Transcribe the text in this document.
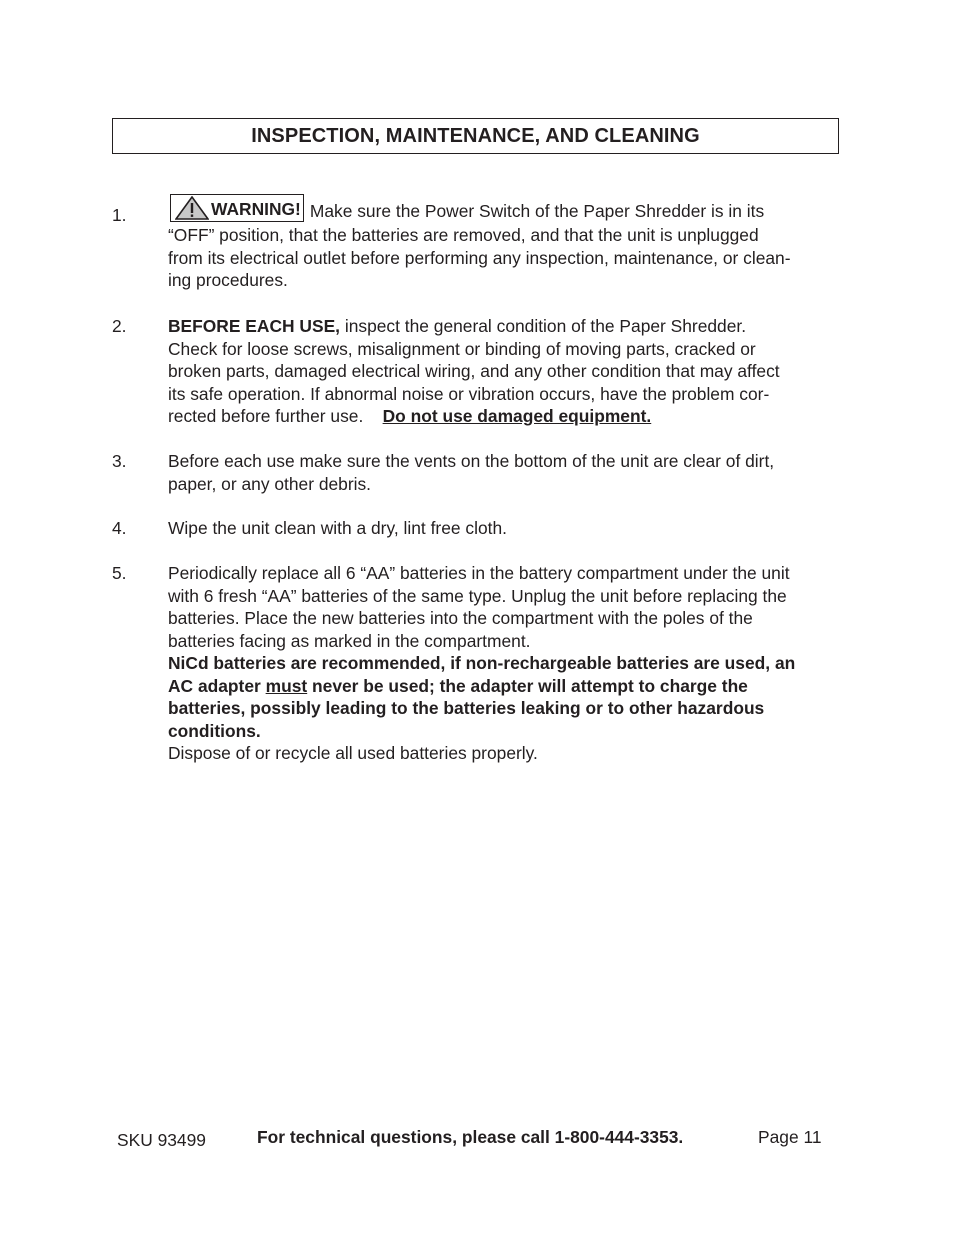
INSPECTION, MAINTENANCE, AND CLEANING
1.	WARNING! Make sure the Power Switch of the Paper Shredder is in its
“OFF” position, that the batteries are removed, and that the unit is unplugged
from its electrical outlet before performing any inspection, maintenance, or clean-
ing procedures.
2. BEFORE EACH USE, inspect the general condition of the Paper Shredder.
Check for loose screws, misalignment or binding of moving parts, cracked or
broken parts, damaged electrical wiring, and any other condition that may affect
its safe operation. If abnormal noise or vibration occurs, have the problem cor-
rected before further use. Do not use damaged equipment.
3. Before each use make sure the vents on the bottom of the unit are clear of dirt,
paper, or any other debris.
4. Wipe the unit clean with a dry, lint free cloth.
5. Periodically replace all 6 “AA” batteries in the battery compartment under the unit
with 6 fresh “AA” batteries of the same type. Unplug the unit before replacing the
batteries. Place the new batteries into the compartment with the poles of the
batteries facing as marked in the compartment.
NiCd batteries are recommended, if non-rechargeable batteries are used, an
AC adapter must never be used; the adapter will attempt to charge the
batteries, possibly leading to the batteries leaking or to other hazardous
conditions.
Dispose of or recycle all used batteries properly.
SKU 93499	For technical questions, please call 1-800-444-3353.	Page 11
